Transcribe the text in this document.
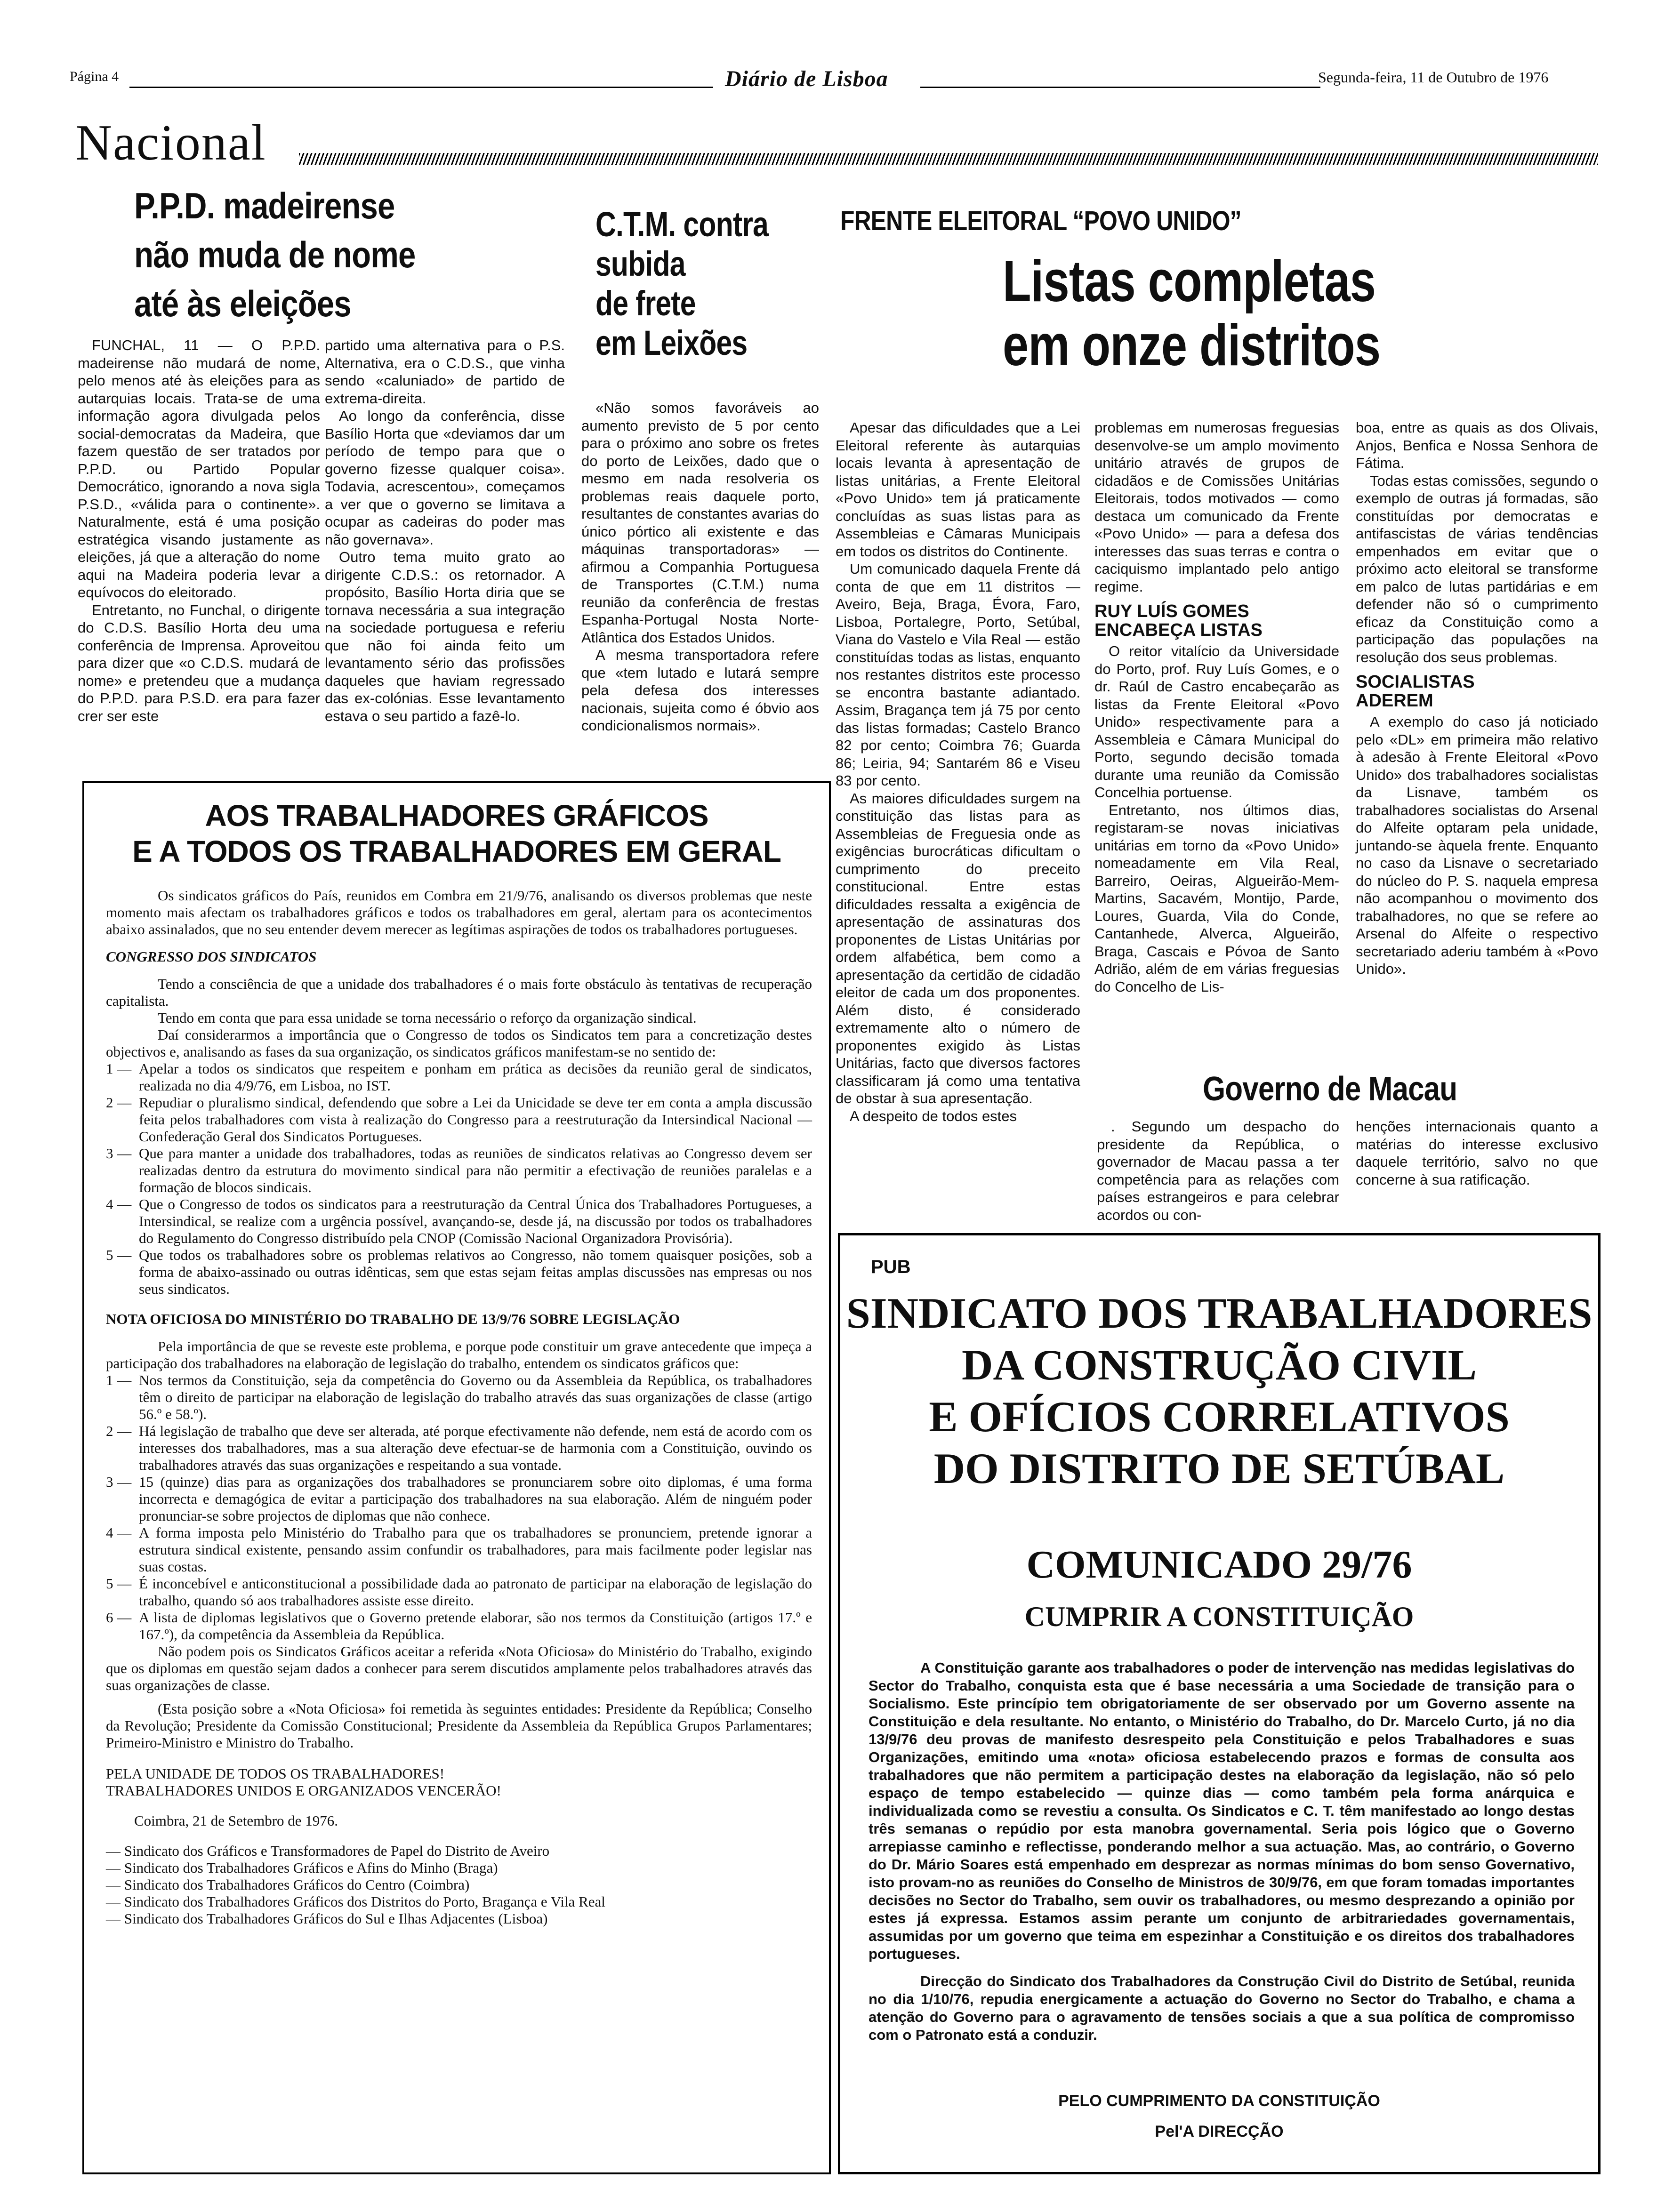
Página 4	Diário de Lisboa	Segunda-feira, 11 de Outubro de 1976
Nacional
P.P.D. madeirense
não muda de nome
até às eleições

FUNCHAL, 11 — O P.P.D. madeirense não mudará de nome, pelo menos até às eleições para as autarquias locais. Trata-se de uma informação agora divulgada pelos social-democratas da Madeira, que fazem questão de ser tratados por P.P.D. ou Partido Popular Democrático, ignorando a nova sigla P.S.D., «válida para o continente». Naturalmente, está é uma posição estratégica visando justamente as eleições, já que a alteração do nome aqui na Madeira poderia levar a equívocos do eleitorado.

Entretanto, no Funchal, o dirigente do C.D.S. Basílio Horta deu uma conferência de Imprensa. Aproveitou para dizer que «o C.D.S. mudará de nome» e pretendeu que a mudança do P.P.D. para P.S.D. era para fazer crer ser este

partido uma alternativa para o P.S. Alternativa, era o C.D.S., que vinha sendo «caluniado» de partido de extrema-direita.

Ao longo da conferência, disse Basílio Horta que «deviamos dar um período de tempo para que o governo fizesse qualquer coisa». Todavia, acrescentou», começamos a ver que o governo se limitava a ocupar as cadeiras do poder mas não governava».

Outro tema muito grato ao dirigente C.D.S.: os retornador. A propósito, Basílio Horta diria que se tornava necessária a sua integração na sociedade portuguesa e referiu que não foi ainda feito um levantamento sério das profissões daqueles que haviam regressado das ex-colónias. Esse levantamento estava o seu partido a fazê-lo.

C.T.M. contra
subida
de frete
em Leixões

«Não somos favoráveis ao aumento previsto de 5 por cento para o próximo ano sobre os fretes do porto de Leixões, dado que o mesmo em nada resolveria os problemas reais daquele porto, resultantes de constantes avarias do único pórtico ali existente e das máquinas transportadoras» — afirmou a Companhia Portuguesa de Transportes (C.T.M.) numa reunião da conferência de frestas Espanha-Portugal Nosta Norte-Atlântica dos Estados Unidos.

A mesma transportadora refere que «tem lutado e lutará sempre pela defesa dos interesses nacionais, sujeita como é óbvio aos condicionalismos normais».

FRENTE ELEITORAL “POVO UNIDO”
Listas completas
em onze distritos

Apesar das dificuldades que a Lei Eleitoral referente às autarquias locais levanta à apresentação de listas unitárias, a Frente Eleitoral «Povo Unido» tem já praticamente concluídas as suas listas para as Assembleias e Câmaras Municipais em todos os distritos do Continente.

Um comunicado daquela Frente dá conta de que em 11 distritos — Aveiro, Beja, Braga, Évora, Faro, Lisboa, Portalegre, Porto, Setúbal, Viana do Vastelo e Vila Real — estão constituídas todas as listas, enquanto nos restantes distritos este processo se encontra bastante adiantado. Assim, Bragança tem já 75 por cento das listas formadas; Castelo Branco 82 por cento; Coimbra 76; Guarda 86; Leiria, 94; Santarém 86 e Viseu 83 por cento.

As maiores dificuldades surgem na constituição das listas para as Assembleias de Freguesia onde as exigências burocráticas dificultam o cumprimento do preceito constitucional. Entre estas dificuldades ressalta a exigência de apresentação de assinaturas dos proponentes de Listas Unitárias por ordem alfabética, bem como a apresentação da certidão de cidadão eleitor de cada um dos proponentes. Além disto, é considerado extremamente alto o número de proponentes exigido às Listas Unitárias, facto que diversos factores classificaram já como uma tentativa de obstar à sua apresentação.

A despeito de todos estes

problemas em numerosas freguesias desenvolve-se um amplo movimento unitário através de grupos de cidadãos e de Comissões Unitárias Eleitorais, todos motivados — como destaca um comunicado da Frente «Povo Unido» — para a defesa dos interesses das suas terras e contra o caciquismo implantado pelo antigo regime.

RUY LUÍS GOMES
ENCABEÇA LISTAS

O reitor vitalício da Universidade do Porto, prof. Ruy Luís Gomes, e o dr. Raúl de Castro encabeçarão as listas da Frente Eleitoral «Povo Unido» respectivamente para a Assembleia e Câmara Municipal do Porto, segundo decisão tomada durante uma reunião da Comissão Concelhia portuense.

Entretanto, nos últimos dias, registaram-se novas iniciativas unitárias em torno da «Povo Unido» nomeadamente em Vila Real, Barreiro, Oeiras, Algueirão-Mem-Martins, Sacavém, Montijo, Parde, Loures, Guarda, Vila do Conde, Cantanhede, Alverca, Algueirão, Braga, Cascais e Póvoa de Santo Adrião, além de em várias freguesias do Concelho de Lis-

boa, entre as quais as dos Olivais, Anjos, Benfica e Nossa Senhora de Fátima.

Todas estas comissões, segundo o exemplo de outras já formadas, são constituídas por democratas e antifascistas de várias tendências empenhados em evitar que o próximo acto eleitoral se transforme em palco de lutas partidárias e em defender não só o cumprimento eficaz da Constituição como a participação das populações na resolução dos seus problemas.

SOCIALISTAS
ADEREM

A exemplo do caso já noticiado pelo «DL» em primeira mão relativo à adesão à Frente Eleitoral «Povo Unido» dos trabalhadores socialistas da Lisnave, também os trabalhadores socialistas do Arsenal do Alfeite optaram pela unidade, juntando-se àquela frente. Enquanto no caso da Lisnave o secretariado do núcleo do P. S. naquela empresa não acompanhou o movimento dos trabalhadores, no que se refere ao Arsenal do Alfeite o respectivo secretariado aderiu também à «Povo Unido».

Governo de Macau

. Segundo um despacho do presidente da República, o governador de Macau passa a ter competência para as relações com países estrangeiros e para celebrar acordos ou con-

henções internacionais quanto a matérias do interesse exclusivo daquele território, salvo no que concerne à sua ratificação.

AOS TRABALHADORES GRÁFICOS
E A TODOS OS TRABALHADORES EM GERAL

Os sindicatos gráficos do País, reunidos em Combra em 21/9/76, analisando os diversos problemas que neste momento mais afectam os trabalhadores gráficos e todos os trabalhadores em geral, alertam para os acontecimentos abaixo assinalados, que no seu entender devem merecer as legítimas aspirações de todos os trabalhadores portugueses.

CONGRESSO DOS SINDICATOS

Tendo a consciência de que a unidade dos trabalhadores é o mais forte obstáculo às tentativas de recuperação capitalista.

Tendo em conta que para essa unidade se torna necessário o reforço da organização sindical.

Daí considerarmos a importância que o Congresso de todos os Sindicatos tem para a concretização destes objectivos e, analisando as fases da sua organização, os sindicatos gráficos manifestam-se no sentido de:

1 — Apelar a todos os sindicatos que respeitem e ponham em prática as decisões da reunião geral de sindicatos, realizada no dia 4/9/76, em Lisboa, no IST.
2 — Repudiar o pluralismo sindical, defendendo que sobre a Lei da Unicidade se deve ter em conta a ampla discussão feita pelos trabalhadores com vista à realização do Congresso para a reestruturação da Intersindical Nacional — Confederação Geral dos Sindicatos Portugueses.
3 — Que para manter a unidade dos trabalhadores, todas as reuniões de sindicatos relativas ao Congresso devem ser realizadas dentro da estrutura do movimento sindical para não permitir a efectivação de reuniões paralelas e a formação de blocos sindicais.
4 — Que o Congresso de todos os sindicatos para a reestruturação da Central Única dos Trabalhadores Portugueses, a Intersindical, se realize com a urgência possível, avançando-se, desde já, na discussão por todos os trabalhadores do Regulamento do Congresso distribuído pela CNOP (Comissão Nacional Organizadora Provisória).
5 — Que todos os trabalhadores sobre os problemas relativos ao Congresso, não tomem quaisquer posições, sob a forma de abaixo-assinado ou outras idênticas, sem que estas sejam feitas amplas discussões nas empresas ou nos seus sindicatos.

NOTA OFICIOSA DO MINISTÉRIO DO TRABALHO DE 13/9/76 SOBRE LEGISLAÇÃO

Pela importância de que se reveste este problema, e porque pode constituir um grave antecedente que impeça a participação dos trabalhadores na elaboração de legislação do trabalho, entendem os sindicatos gráficos que:

1 — Nos termos da Constituição, seja da competência do Governo ou da Assembleia da República, os trabalhadores têm o direito de participar na elaboração de legislação do trabalho através das suas organizações de classe (artigo 56.º e 58.º).
2 — Há legislação de trabalho que deve ser alterada, até porque efectivamente não defende, nem está de acordo com os interesses dos trabalhadores, mas a sua alteração deve efectuar-se de harmonia com a Constituição, ouvindo os trabalhadores através das suas organizações e respeitando a sua vontade.
3 — 15 (quinze) dias para as organizações dos trabalhadores se pronunciarem sobre oito diplomas, é uma forma incorrecta e demagógica de evitar a participação dos trabalhadores na sua elaboração. Além de ninguém poder pronunciar-se sobre projectos de diplomas que não conhece.
4 — A forma imposta pelo Ministério do Trabalho para que os trabalhadores se pronunciem, pretende ignorar a estrutura sindical existente, pensando assim confundir os trabalhadores, para mais facilmente poder legislar nas suas costas.
5 — É inconcebível e anticonstitucional a possibilidade dada ao patronato de participar na elaboração de legislação do trabalho, quando só aos trabalhadores assiste esse direito.
6 — A lista de diplomas legislativos que o Governo pretende elaborar, são nos termos da Constituição (artigos 17.º e 167.º), da competência da Assembleia da República.

Não podem pois os Sindicatos Gráficos aceitar a referida «Nota Oficiosa» do Ministério do Trabalho, exigindo que os diplomas em questão sejam dados a conhecer para serem discutidos amplamente pelos trabalhadores através das suas organizações de classe.

(Esta posição sobre a «Nota Oficiosa» foi remetida às seguintes entidades: Presidente da República; Conselho da Revolução; Presidente da Comissão Constitucional; Presidente da Assembleia da República Grupos Parlamentares; Primeiro-Ministro e Ministro do Trabalho.

PELA UNIDADE DE TODOS OS TRABALHADORES!

TRABALHADORES UNIDOS E ORGANIZADOS VENCERÃO!

Coimbra, 21 de Setembro de 1976.

— Sindicato dos Gráficos e Transformadores de Papel do Distrito de Aveiro

— Sindicato dos Trabalhadores Gráficos e Afins do Minho (Braga)

— Sindicato dos Trabalhadores Gráficos do Centro (Coimbra)

— Sindicato dos Trabalhadores Gráficos dos Distritos do Porto, Bragança e Vila Real

— Sindicato dos Trabalhadores Gráficos do Sul e Ilhas Adjacentes (Lisboa)

PUB
SINDICATO DOS TRABALHADORES
DA CONSTRUÇÃO CIVIL
E OFÍCIOS CORRELATIVOS
DO DISTRITO DE SETÚBAL
COMUNICADO 29/76
CUMPRIR A CONSTITUIÇÃO

A Constituição garante aos trabalhadores o poder de intervenção nas medidas legislativas do Sector do Trabalho, conquista esta que é base necessária a uma Sociedade de transição para o Socialismo. Este princípio tem obrigatoriamente de ser observado por um Governo assente na Constituição e dela resultante. No entanto, o Ministério do Trabalho, do Dr. Marcelo Curto, já no dia 13/9/76 deu provas de manifesto desrespeito pela Constituição e pelos Trabalhadores e suas Organizações, emitindo uma «nota» oficiosa estabelecendo prazos e formas de consulta aos trabalhadores que não permitem a participação destes na elaboração da legislação, não só pelo espaço de tempo estabelecido — quinze dias — como também pela forma anárquica e individualizada como se revestiu a consulta. Os Sindicatos e C. T. têm manifestado ao longo destas três semanas o repúdio por esta manobra governamental. Seria pois lógico que o Governo arrepiasse caminho e reflectisse, ponderando melhor a sua actuação. Mas, ao contrário, o Governo do Dr. Mário Soares está empenhado em desprezar as normas mínimas do bom senso Governativo, isto provam-no as reuniões do Conselho de Ministros de 30/9/76, em que foram tomadas importantes decisões no Sector do Trabalho, sem ouvir os trabalhadores, ou mesmo desprezando a opinião por estes já expressa. Estamos assim perante um conjunto de arbitrariedades governamentais, assumidas por um governo que teima em espezinhar a Constituição e os direitos dos trabalhadores portugueses.

Direcção do Sindicato dos Trabalhadores da Construção Civil do Distrito de Setúbal, reunida no dia 1/10/76, repudia energicamente a actuação do Governo no Sector do Trabalho, e chama a atenção do Governo para o agravamento de tensões sociais a que a sua política de compromisso com o Patronato está a conduzir.

PELO CUMPRIMENTO DA CONSTITUIÇÃO
Pel'A DIRECÇÃO
